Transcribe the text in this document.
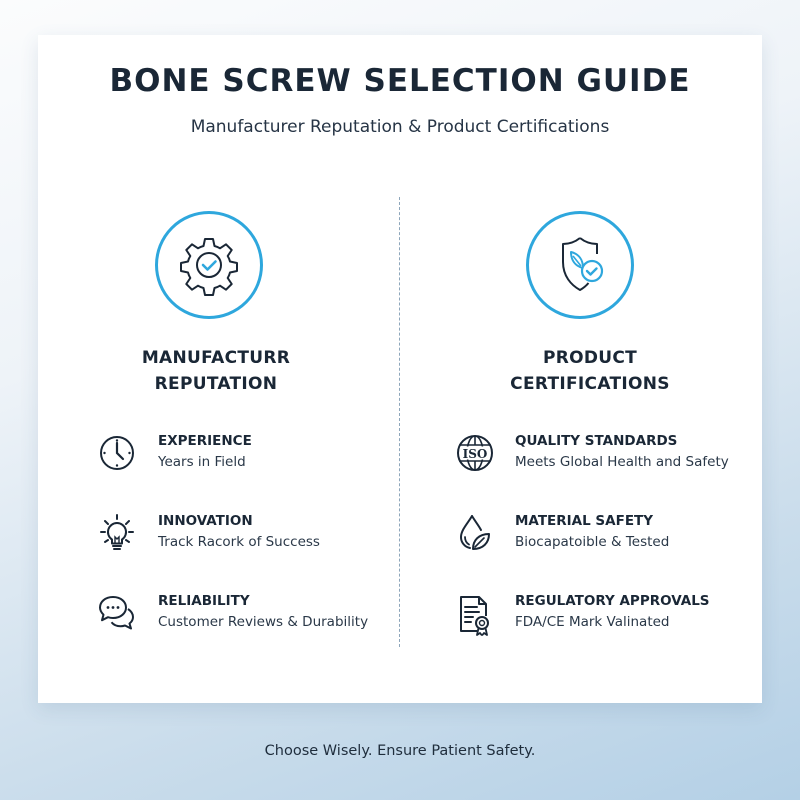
BONE SCREW SELECTION GUIDE
Manufacturer Reputation & Product Certifications
MANUFACTURR
REPUTATION
EXPERIENCE
Years in Field
INNOVATION
Track Racork of Success
RELIABILITY
Customer Reviews & Durability
PRODUCT
CERTIFICATIONS
ISO
QUALITY STANDARDS
Meets Global Health and Safety
MATERIAL SAFETY
Biocapatoible & Tested
REGULATORY APPROVALS
FDA/CE Mark Valinated
Choose Wisely. Ensure Patient Safety.
